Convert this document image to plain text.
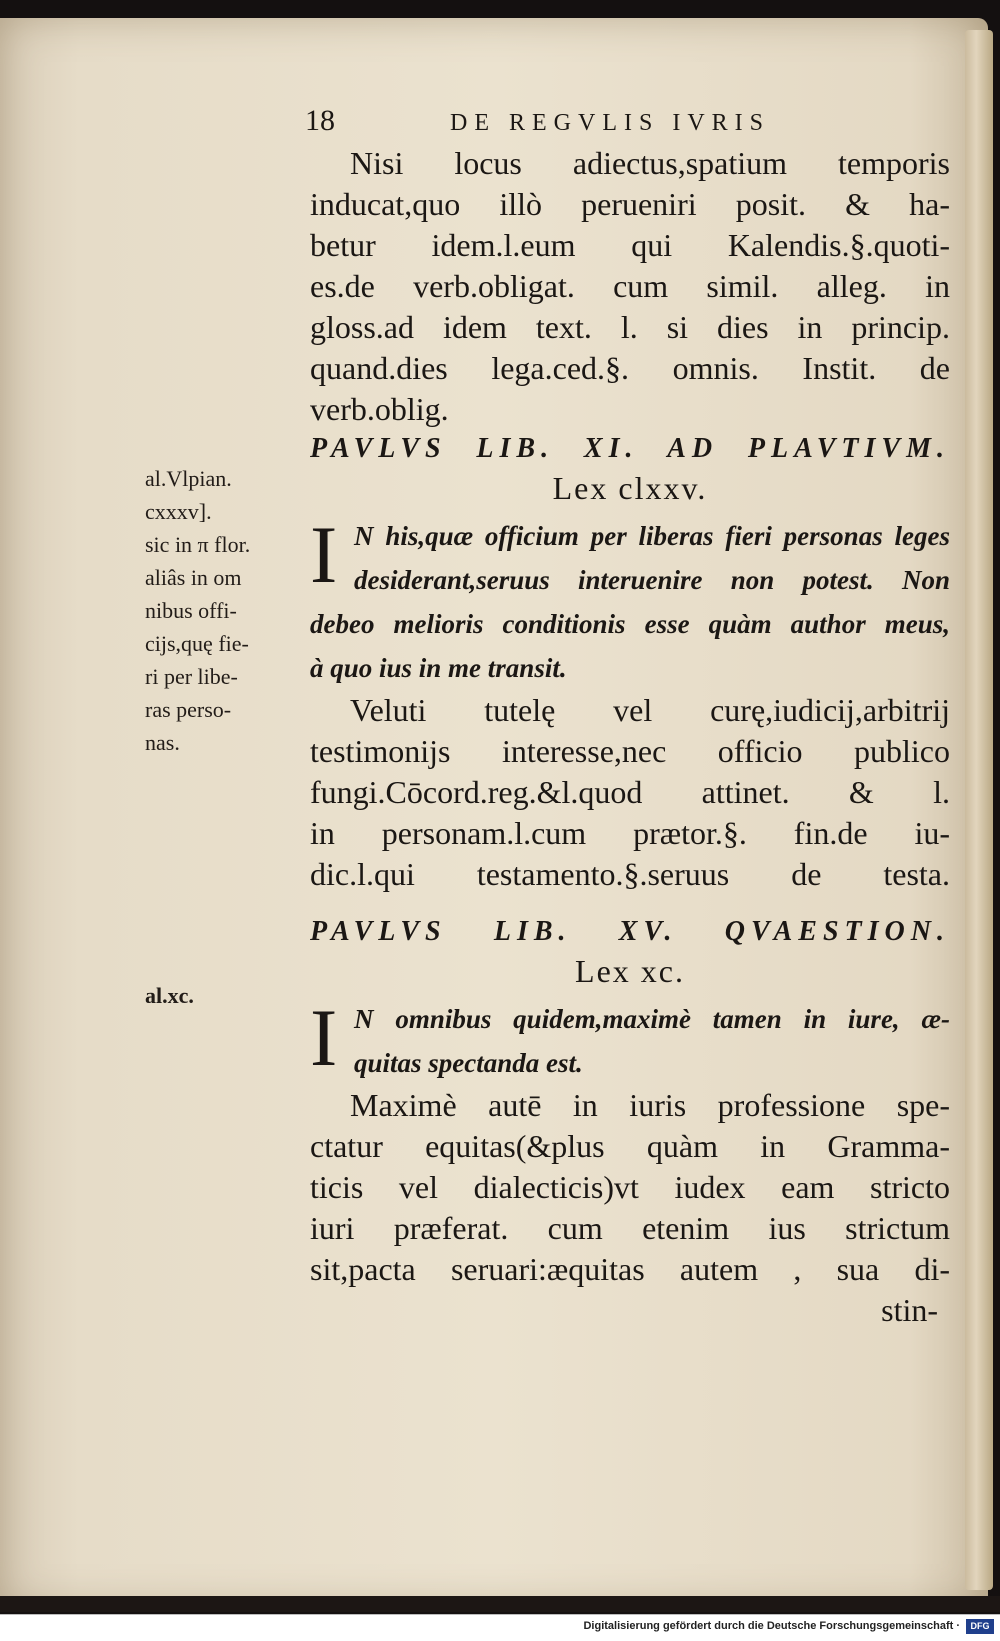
18	DE REGVLIS IVRIS
Nisi locus adiectus,spatium temporis
inducat,quo illò perueniri posit. & ha-
betur idem.l.eum qui Kalendis.§.quoti-
es.de verb.obligat. cum simil. alleg. in
gloss.ad idem text. l. si dies in princip.
quand.dies lega.ced.§. omnis. Instit. de
verb.oblig.
PAVLVS LIB. XI. AD PLAVTIVM.
Lex clxxv.
I N his,quæ officium per liberas fieri personas leges
desiderant,seruus interuenire non potest. Non
debeo melioris conditionis esse quàm author meus,
à quo ius in me transit.
Veluti tutelę vel curę,iudicij,arbitrij
testimonijs interesse,nec officio publico
fungi.Cōcord.reg.&l.quod attinet. & l.
in personam.l.cum prætor.§. fin.de iu-
dic.l.qui testamento.§.seruus de testa.
PAVLVS LIB. XV. QVAESTION.
Lex xc.
I N omnibus quidem,maximè tamen in iure, æ-
quitas spectanda est.
Maximè autē in iuris professione spe-
ctatur equitas(&plus quàm in Gramma-
ticis vel dialecticis)vt iudex eam stricto
iuri præferat. cum etenim ius strictum
sit,pacta seruari:æquitas autem , sua di-
stin-
al.Vlpian.
cxxxv].
sic in π flor.
aliâs in om
nibus offi-
cijs,quę fie-
ri per libe-
ras perso-
nas.
al.xc.
Digitalisierung gefördert durch die Deutsche Forschungsgemeinschaft ·	DFG
